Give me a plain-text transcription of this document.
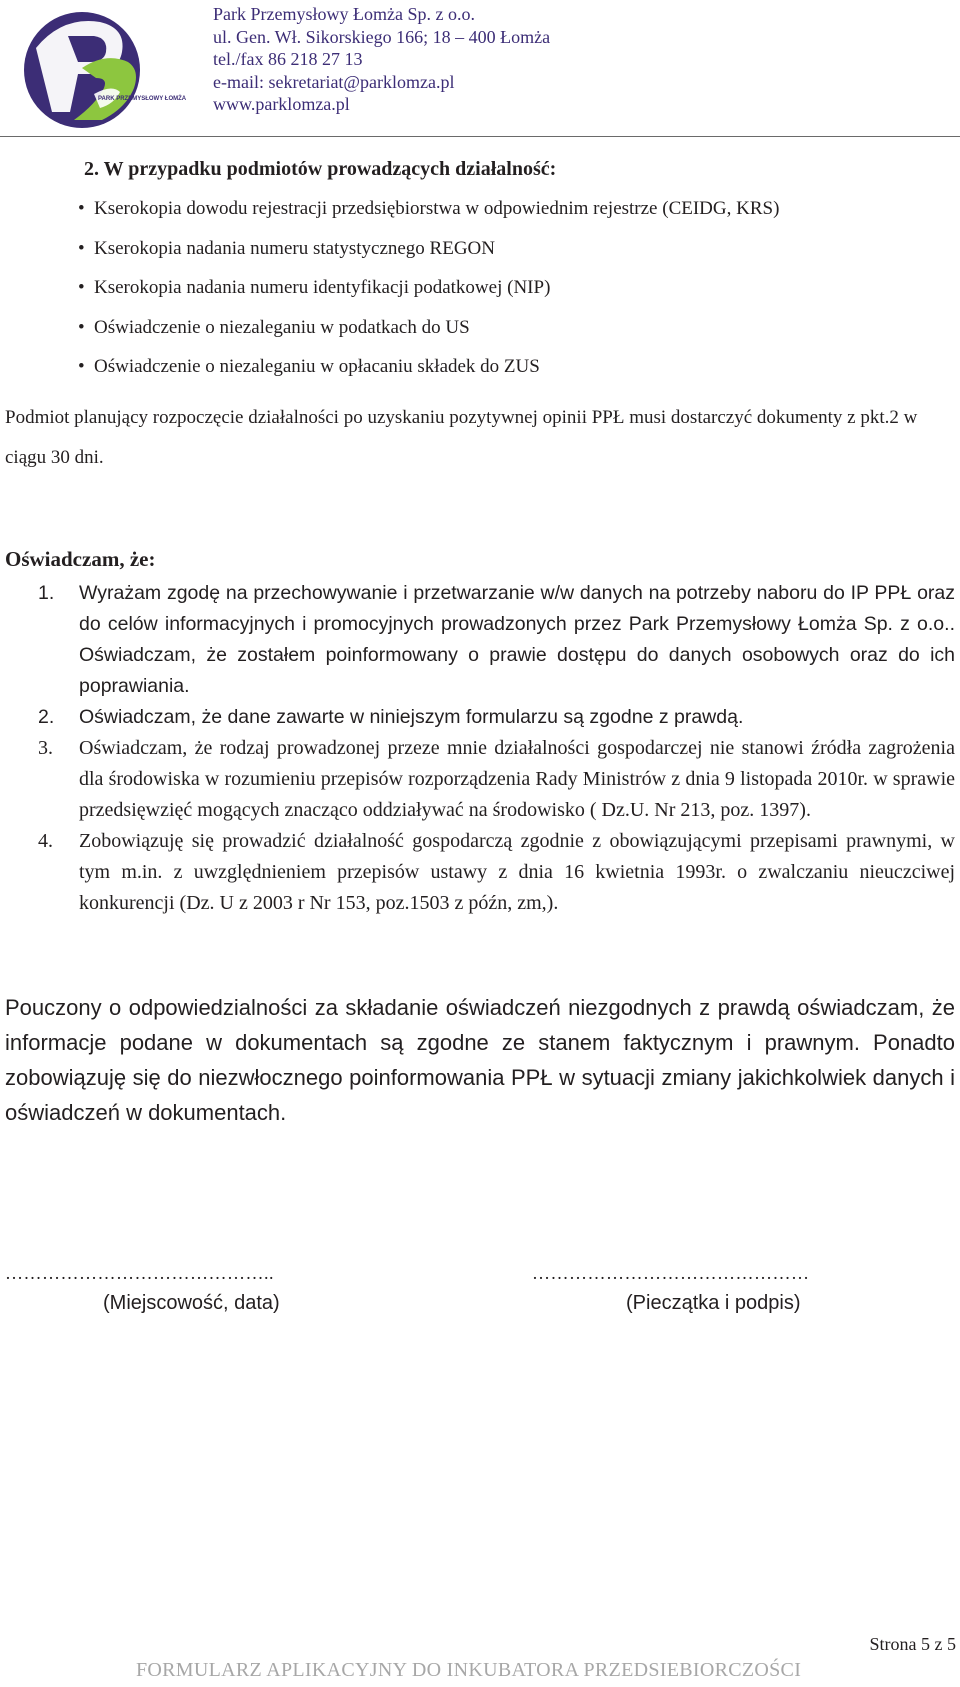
PARK PRZEMYSŁOWY ŁOMŻA
Park Przemysłowy Łomża Sp. z o.o.
ul. Gen. Wł. Sikorskiego 166; 18 – 400 Łomża
tel./fax 86 218 27 13
e-mail: sekretariat@parklomza.pl
www.parklomza.pl
2. W przypadku podmiotów prowadzących działalność:
• Kserokopia dowodu rejestracji przedsiębiorstwa w odpowiednim rejestrze (CEIDG, KRS)
• Kserokopia nadania numeru statystycznego REGON
• Kserokopia nadania numeru identyfikacji podatkowej (NIP)
• Oświadczenie o niezaleganiu w podatkach do US
• Oświadczenie o niezaleganiu w opłacaniu składek do ZUS
Podmiot planujący rozpoczęcie działalności po uzyskaniu pozytywnej opinii PPŁ musi dostarczyć dokumenty z pkt.2 w ciągu 30 dni.
Oświadczam, że:
1. Wyrażam zgodę na przechowywanie i przetwarzanie w/w danych na potrzeby naboru do IP PPŁ oraz do celów informacyjnych i promocyjnych prowadzonych przez Park Przemysłowy Łomża Sp. z o.o.. Oświadczam, że zostałem poinformowany o prawie dostępu do danych osobowych oraz do ich poprawiania.
2. Oświadczam, że dane zawarte w niniejszym formularzu są zgodne z prawdą.
3. Oświadczam, że rodzaj prowadzonej przeze mnie działalności gospodarczej nie stanowi źródła zagrożenia dla środowiska w rozumieniu przepisów rozporządzenia Rady Ministrów z dnia 9 listopada 2010r. w sprawie przedsięwzięć mogących znacząco oddziaływać na środowisko ( Dz.U. Nr 213, poz. 1397).
4. Zobowiązuję się prowadzić działalność gospodarczą zgodnie z obowiązującymi przepisami prawnymi, w tym m.in. z uwzględnieniem przepisów ustawy z dnia 16 kwietnia 1993r. o zwalczaniu nieuczciwej konkurencji (Dz. U z 2003 r Nr 153, poz.1503 z późn, zm,).
Pouczony o odpowiedzialności za składanie oświadczeń niezgodnych z prawdą oświadczam, że informacje podane w dokumentach są zgodne ze stanem faktycznym i prawnym. Ponadto zobowiązuję się do niezwłocznego poinformowania PPŁ w sytuacji zmiany jakichkolwiek danych i oświadczeń w dokumentach.
……………………………………..	………………………………………
(Miejscowość, data)	(Pieczątka i podpis)
Strona 5 z 5
FORMULARZ APLIKACYJNY DO INKUBATORA PRZEDSIEBIORCZOŚCI
